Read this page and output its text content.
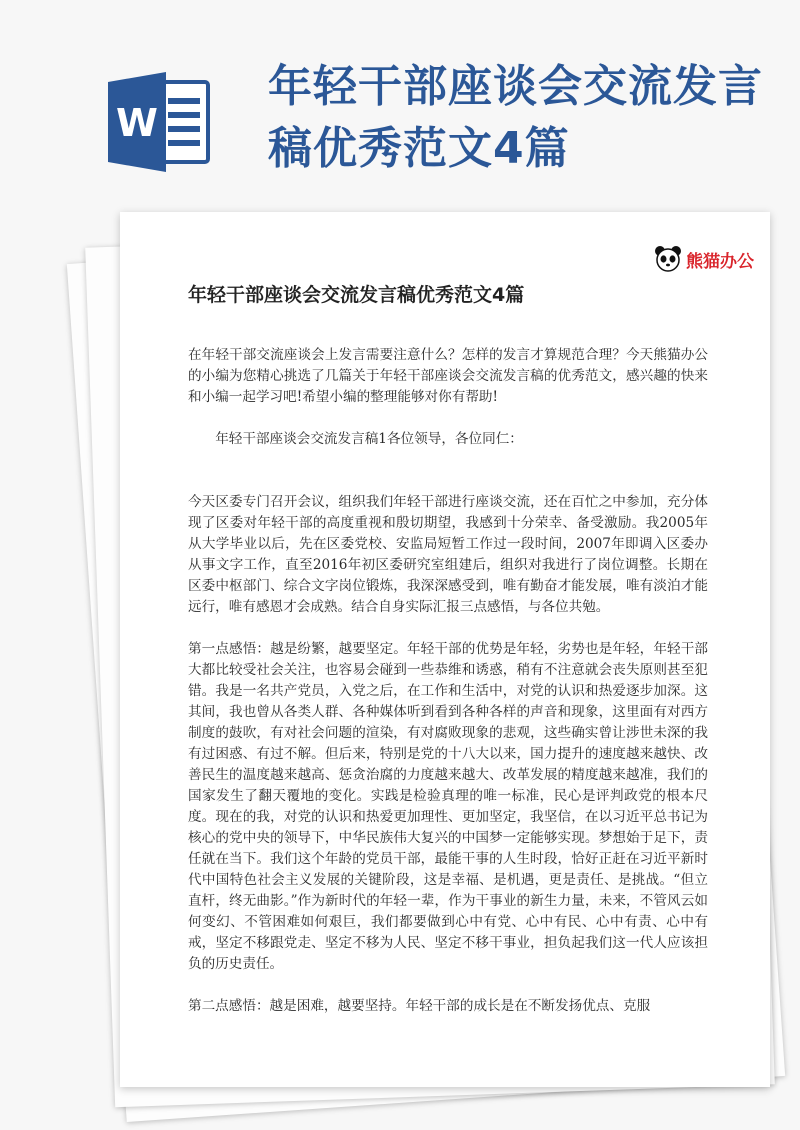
W
年轻干部座谈会交流发言稿优秀范文4篇
熊猫办公
年轻干部座谈会交流发言稿优秀范文4篇

在年轻干部交流座谈会上发言需要注意什么？怎样的发言才算规范合理？今天熊猫办公的小编为您精心挑选了几篇关于年轻干部座谈会交流发言稿的优秀范文，感兴趣的快来和小编一起学习吧!希望小编的整理能够对你有帮助!

年轻干部座谈会交流发言稿1各位领导，各位同仁：

今天区委专门召开会议，组织我们年轻干部进行座谈交流，还在百忙之中参加，充分体现了区委对年轻干部的高度重视和殷切期望，我感到十分荣幸、备受激励。我2005年从大学毕业以后，先在区委党校、安监局短暂工作过一段时间，2007年即调入区委办从事文字工作，直至2016年初区委研究室组建后，组织对我进行了岗位调整。长期在区委中枢部门、综合文字岗位锻炼，我深深感受到，唯有勤奋才能发展，唯有淡泊才能远行，唯有感恩才会成熟。结合自身实际汇报三点感悟，与各位共勉。

第一点感悟：越是纷繁，越要坚定。年轻干部的优势是年轻，劣势也是年轻，年轻干部大都比较受社会关注，也容易会碰到一些恭维和诱惑，稍有不注意就会丧失原则甚至犯错。我是一名共产党员，入党之后，在工作和生活中，对党的认识和热爱逐步加深。这其间，我也曾从各类人群、各种媒体听到看到各种各样的声音和现象，这里面有对西方制度的鼓吹，有对社会问题的渲染，有对腐败现象的悲观，这些确实曾让涉世未深的我有过困惑、有过不解。但后来，特别是党的十八大以来，国力提升的速度越来越快、改善民生的温度越来越高、惩贪治腐的力度越来越大、改革发展的精度越来越准，我们的国家发生了翻天覆地的变化。实践是检验真理的唯一标准，民心是评判政党的根本尺度。现在的我，对党的认识和热爱更加理性、更加坚定，我坚信，在以习近平总书记为核心的党中央的领导下，中华民族伟大复兴的中国梦一定能够实现。梦想始于足下，责任就在当下。我们这个年龄的党员干部，最能干事的人生时段，恰好正赶在习近平新时代中国特色社会主义发展的关键阶段，这是幸福、是机遇，更是责任、是挑战。“但立直杆，终无曲影。”作为新时代的年轻一辈，作为干事业的新生力量，未来，不管风云如何变幻、不管困难如何艰巨，我们都要做到心中有党、心中有民、心中有责、心中有戒，坚定不移跟党走、坚定不移为人民、坚定不移干事业，担负起我们这一代人应该担负的历史责任。

第二点感悟：越是困难，越要坚持。年轻干部的成长是在不断发扬优点、克服
